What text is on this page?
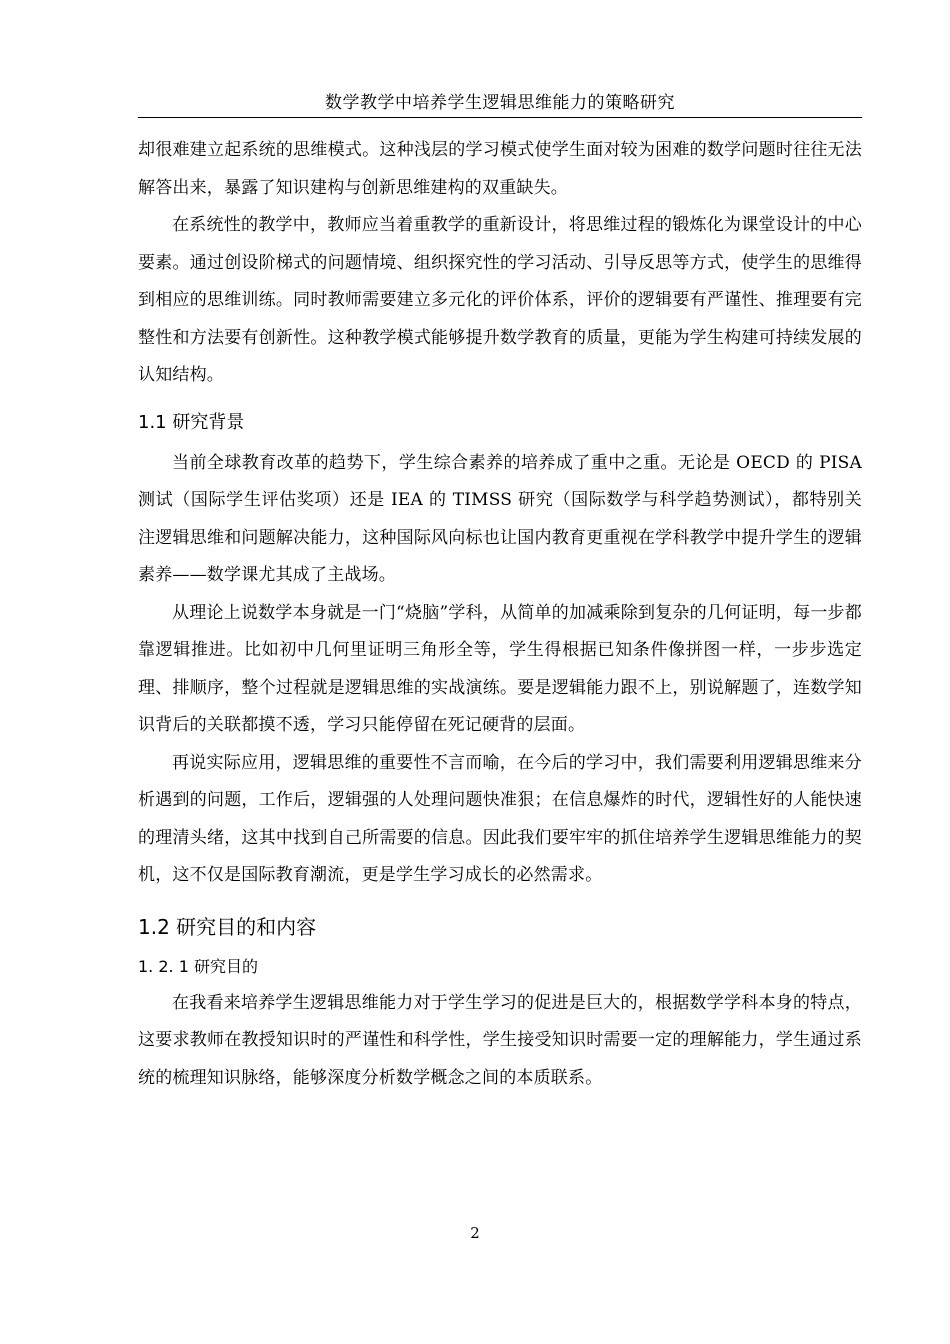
数学教学中培养学生逻辑思维能力的策略研究

却很难建立起系统的思维模式。这种浅层的学习模式使学生面对较为困难的数学问题时往往无法解答出来，暴露了知识建构与创新思维建构的双重缺失。

在系统性的教学中，教师应当着重教学的重新设计，将思维过程的锻炼化为课堂设计的中心要素。通过创设阶梯式的问题情境、组织探究性的学习活动、引导反思等方式，使学生的思维得到相应的思维训练。同时教师需要建立多元化的评价体系，评价的逻辑要有严谨性、推理要有完整性和方法要有创新性。这种教学模式能够提升数学教育的质量，更能为学生构建可持续发展的认知结构。

1.1 研究背景

当前全球教育改革的趋势下，学生综合素养的培养成了重中之重。无论是 OECD 的 PISA 测试（国际学生评估奖项）还是 IEA 的 TIMSS 研究（国际数学与科学趋势测试），都特别关注逻辑思维和问题解决能力，这种国际风向标也让国内教育更重视在学科教学中提升学生的逻辑素养——数学课尤其成了主战场。

从理论上说数学本身就是一门“烧脑”学科，从简单的加减乘除到复杂的几何证明，每一步都靠逻辑推进。比如初中几何里证明三角形全等，学生得根据已知条件像拼图一样，一步步选定理、排顺序，整个过程就是逻辑思维的实战演练。要是逻辑能力跟不上，别说解题了，连数学知识背后的关联都摸不透，学习只能停留在死记硬背的层面。

再说实际应用，逻辑思维的重要性不言而喻，在今后的学习中，我们需要利用逻辑思维来分析遇到的问题，工作后，逻辑强的人处理问题快准狠；在信息爆炸的时代，逻辑性好的人能快速的理清头绪，这其中找到自己所需要的信息。因此我们要牢牢的抓住培养学生逻辑思维能力的契机，这不仅是国际教育潮流，更是学生学习成长的必然需求。

1.2 研究目的和内容
1. 2. 1 研究目的

在我看来培养学生逻辑思维能力对于学生学习的促进是巨大的，根据数学学科本身的特点，这要求教师在教授知识时的严谨性和科学性，学生接受知识时需要一定的理解能力，学生通过系统的梳理知识脉络，能够深度分析数学概念之间的本质联系。

2
